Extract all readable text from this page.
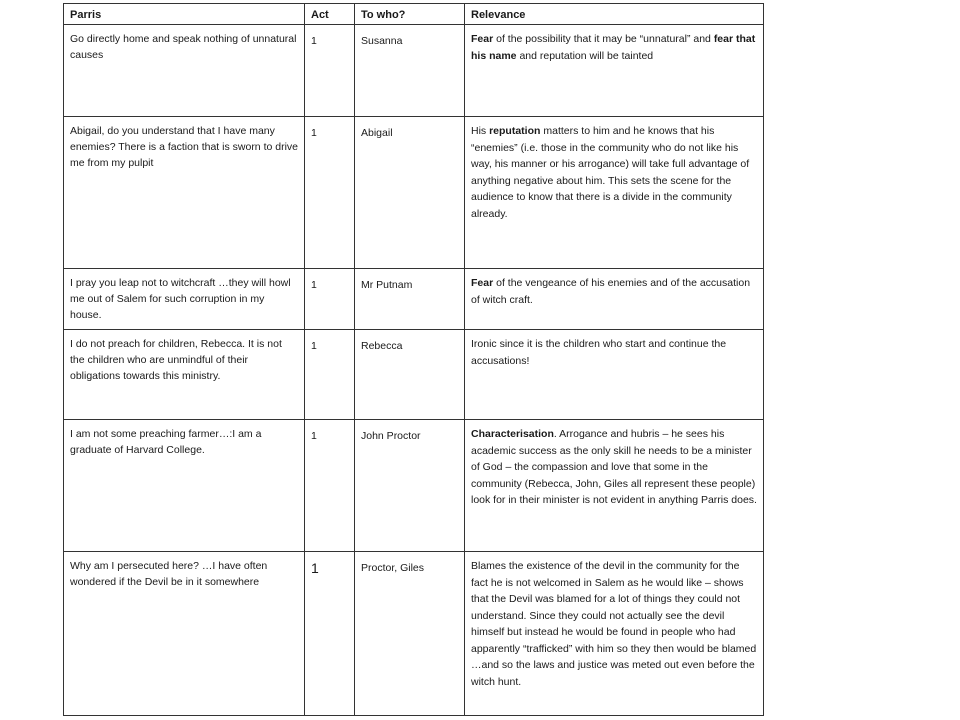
Parris	Act	To who?	Relevance
Go directly home and speak nothing of unnatural causes	1	Susanna	Fear of the possibility that it may be “unnatural” and fear that his name and reputation will be tainted
Abigail, do you understand that I have many enemies? There is a faction that is sworn to drive me from my pulpit	1	Abigail	His reputation matters to him and he knows that his “enemies” (i.e. those in the community who do not like his way, his manner or his arrogance) will take full advantage of anything negative about him. This sets the scene for the audience to know that there is a divide in the community already.
I pray you leap not to witchcraft …they will howl me out of Salem for such corruption in my house.	1	Mr Putnam	Fear of the vengeance of his enemies and of the accusation of witch craft.
I do not preach for children, Rebecca. It is not the children who are unmindful of their obligations towards this ministry.	1	Rebecca	Ironic since it is the children who start and continue the accusations!
I am not some preaching farmer…:I am a graduate of Harvard College.	1	John Proctor	Characterisation. Arrogance and hubris – he sees his academic success as the only skill he needs to be a minister of God – the compassion and love that some in the community (Rebecca, John, Giles all represent these people) look for in their minister is not evident in anything Parris does.
Why am I persecuted here? …I have often wondered if the Devil be in it somewhere	1	Proctor, Giles	Blames the existence of the devil in the community for the fact he is not welcomed in Salem as he would like – shows that the Devil was blamed for a lot of things they could not understand. Since they could not actually see the devil himself but instead he would be found in people who had apparently “trafficked” with him so they then would be blamed …and so the laws and justice was meted out even before the witch hunt.
